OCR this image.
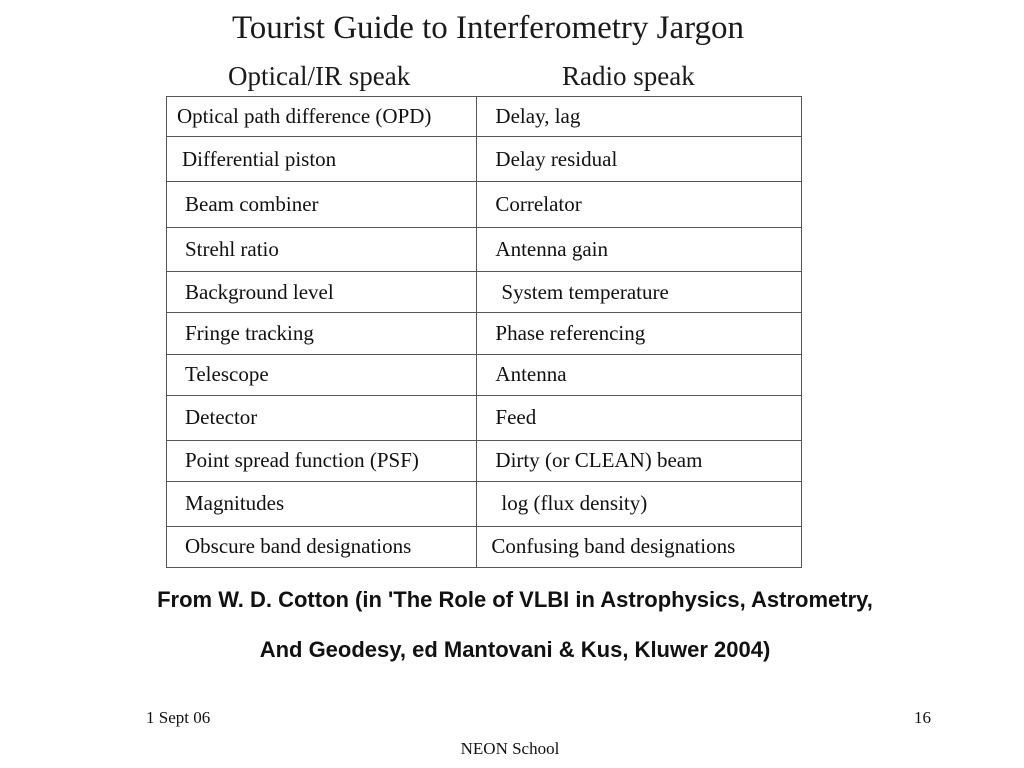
Tourist Guide to Interferometry Jargon
Optical/IR speak	Radio speak
Optical path difference (OPD)	Delay, lag
Differential piston	Delay residual
Beam combiner	Correlator
Strehl ratio	Antenna gain
Background level	System temperature
Fringe tracking	Phase referencing
Telescope	Antenna
Detector	Feed
Point spread function (PSF)	Dirty (or CLEAN) beam
Magnitudes	log (flux density)
Obscure band designations	Confusing band designations
From W. D. Cotton (in 'The Role of VLBI in Astrophysics, Astrometry,
And Geodesy, ed Mantovani & Kus, Kluwer 2004)
1 Sept 06	16
NEON School
